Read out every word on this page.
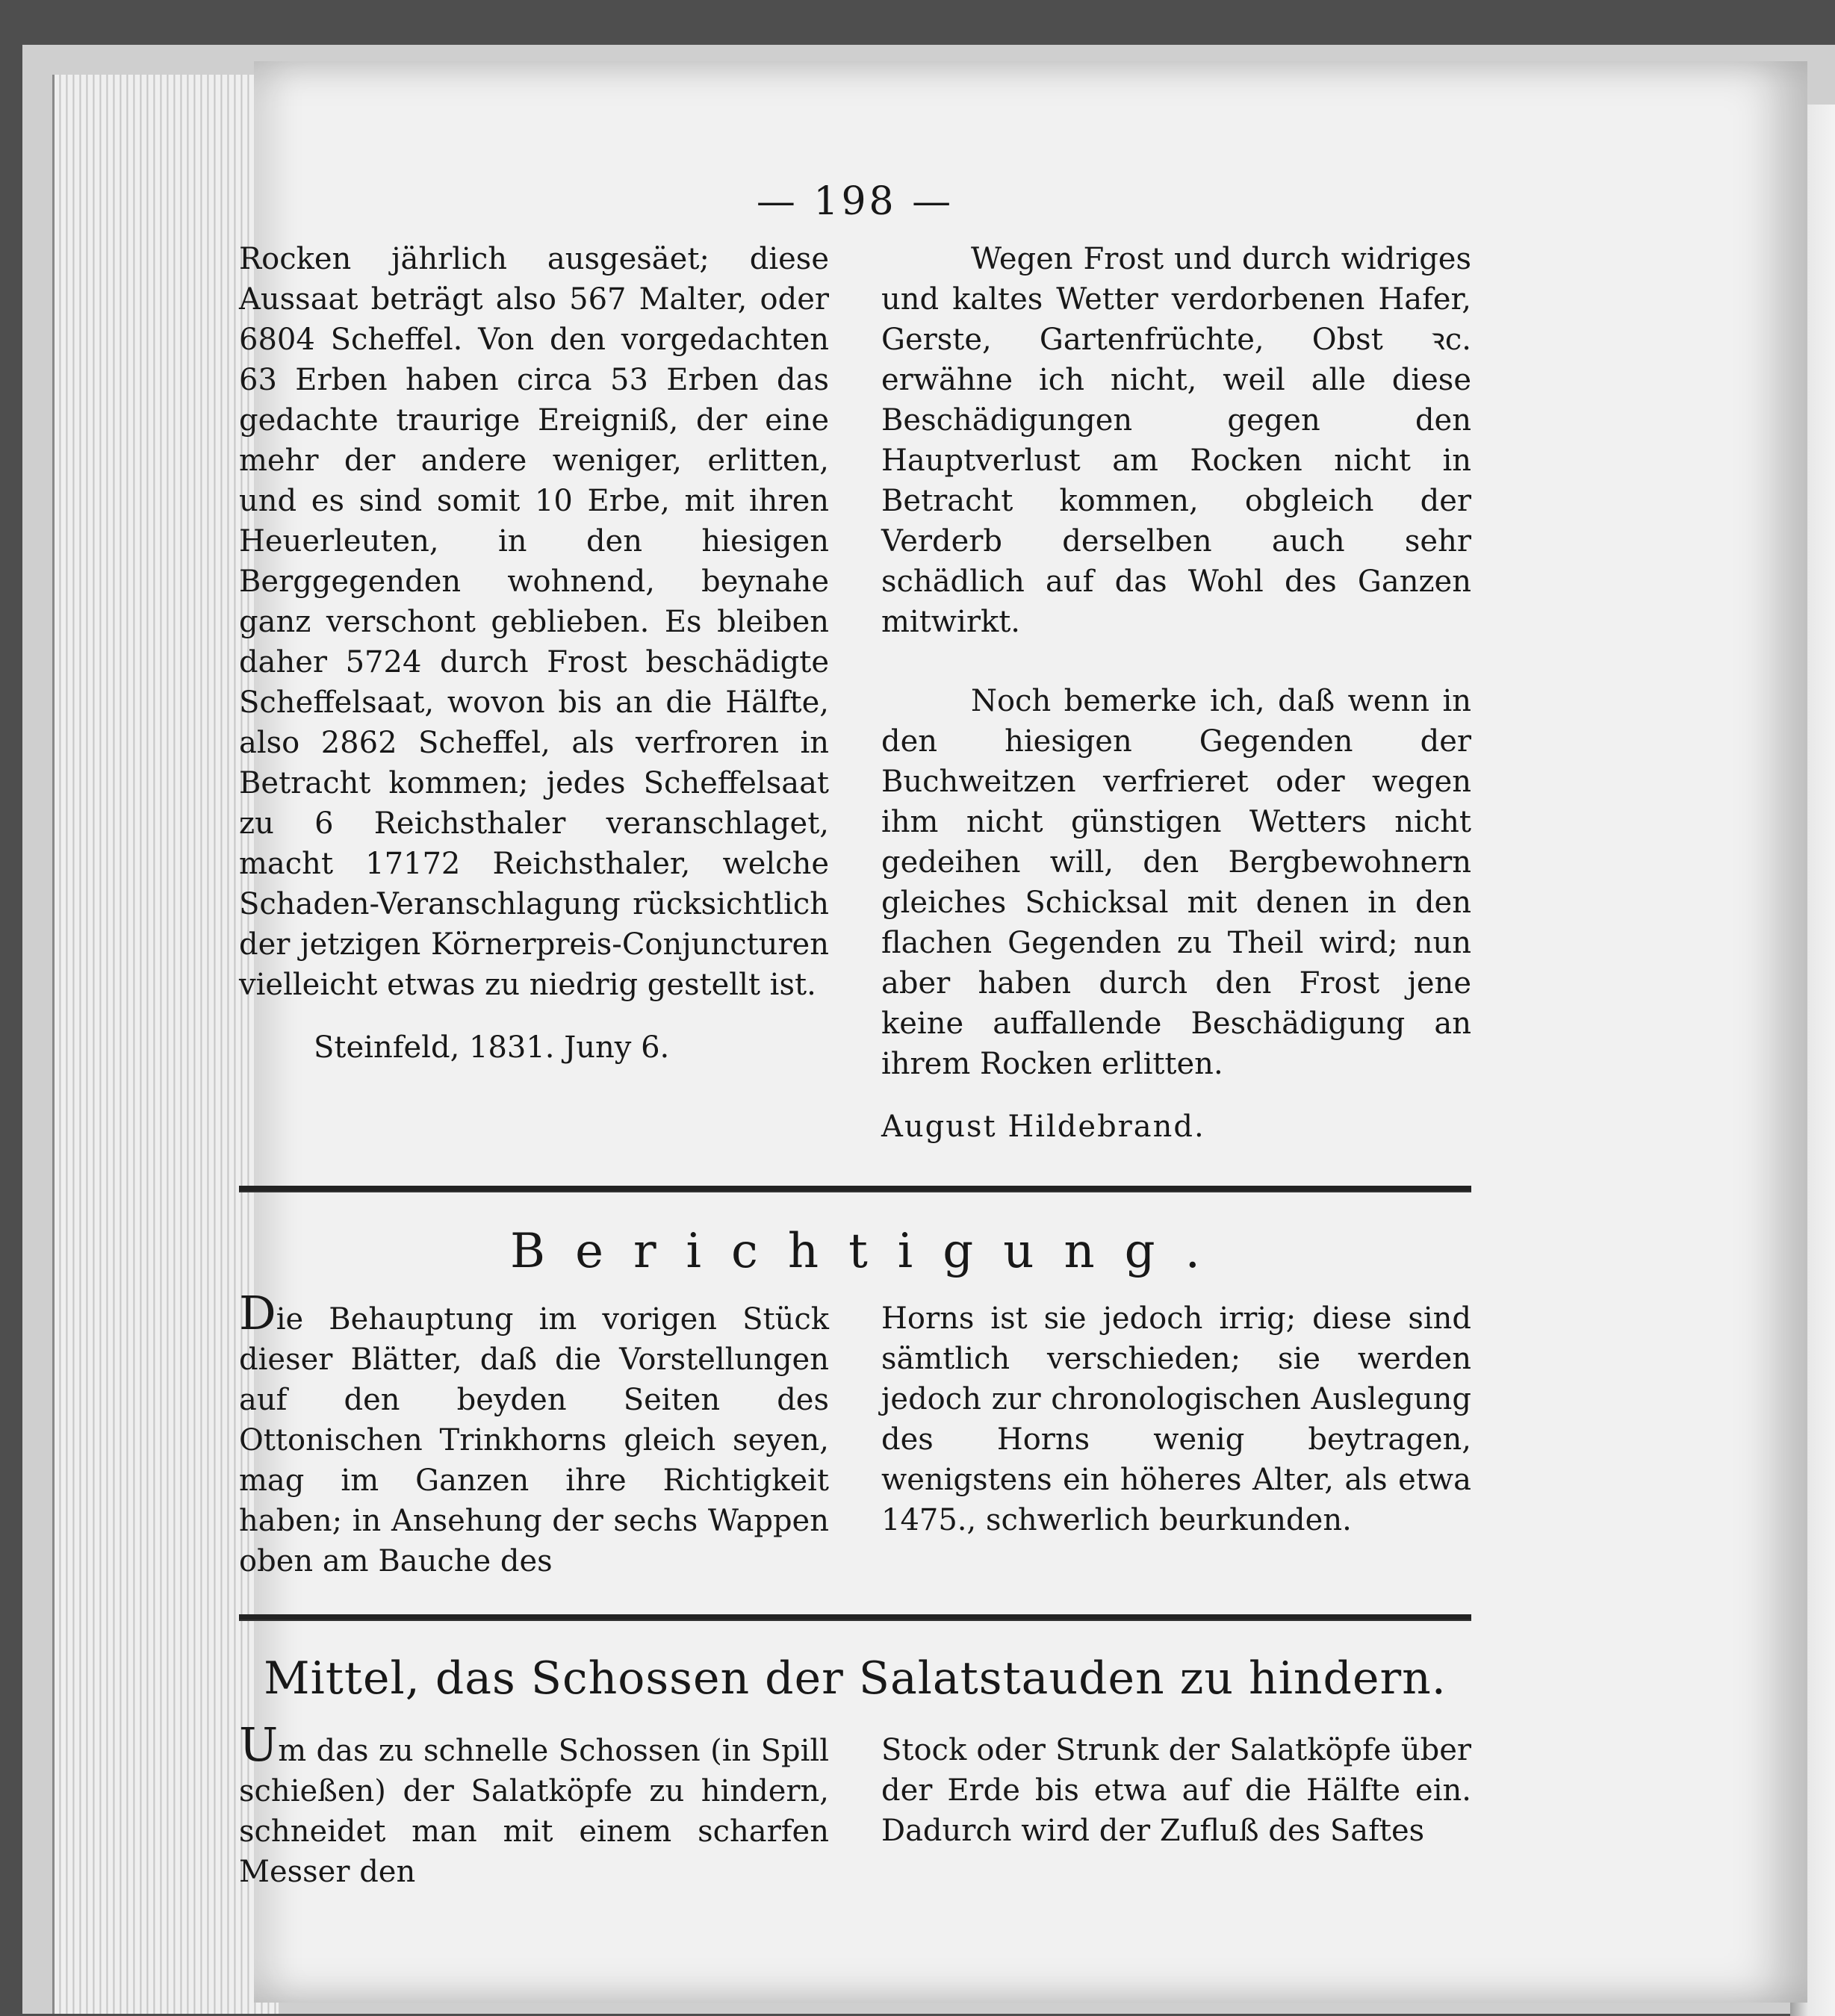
— 198 —

Rocken jährlich ausgesäet; diese Aussaat beträgt also 567 Malter, oder 6804 Scheffel. Von den vorgedachten 63 Erben haben circa 53 Erben das gedachte traurige Ereigniß, der eine mehr der andere weniger, erlitten, und es sind somit 10 Erbe, mit ihren Heuerleuten, in den hiesigen Berggegenden wohnend, beynahe ganz verschont geblieben. Es bleiben daher 5724 durch Frost beschädigte Scheffelsaat, wovon bis an die Hälfte, also 2862 Scheffel, als verfroren in Betracht kommen; jedes Scheffelsaat zu 6 Reichsthaler veranschlaget, macht 17172 Reichsthaler, welche Schaden-Veranschlagung rücksichtlich der jetzigen Körnerpreis-Conjuncturen vielleicht etwas zu niedrig gestellt ist.

Steinfeld, 1831. Juny 6.

Wegen Frost und durch widriges und kaltes Wetter verdorbenen Hafer, Gerste, Gartenfrüchte, Obst ꝛc. erwähne ich nicht, weil alle diese Beschädigungen gegen den Hauptverlust am Rocken nicht in Betracht kommen, obgleich der Verderb derselben auch sehr schädlich auf das Wohl des Ganzen mitwirkt.

Noch bemerke ich, daß wenn in den hiesigen Gegenden der Buchweitzen verfrieret oder wegen ihm nicht günstigen Wetters nicht gedeihen will, den Bergbewohnern gleiches Schicksal mit denen in den flachen Gegenden zu Theil wird; nun aber haben durch den Frost jene keine auffallende Beschädigung an ihrem Rocken erlitten.

August Hildebrand.

Berichtigung.

Die Behauptung im vorigen Stück dieser Blätter, daß die Vorstellungen auf den beyden Seiten des Ottonischen Trinkhorns gleich seyen, mag im Ganzen ihre Richtigkeit haben; in Ansehung der sechs Wappen oben am Bauche des

Horns ist sie jedoch irrig; diese sind sämtlich verschieden; sie werden jedoch zur chronologischen Auslegung des Horns wenig beytragen, wenigstens ein höheres Alter, als etwa 1475., schwerlich beurkunden.

Mittel, das Schossen der Salatstauden zu hindern.

Um das zu schnelle Schossen (in Spill schießen) der Salatköpfe zu hindern, schneidet man mit einem scharfen Messer den

Stock oder Strunk der Salatköpfe über der Erde bis etwa auf die Hälfte ein. Dadurch wird der Zufluß des Saftes
